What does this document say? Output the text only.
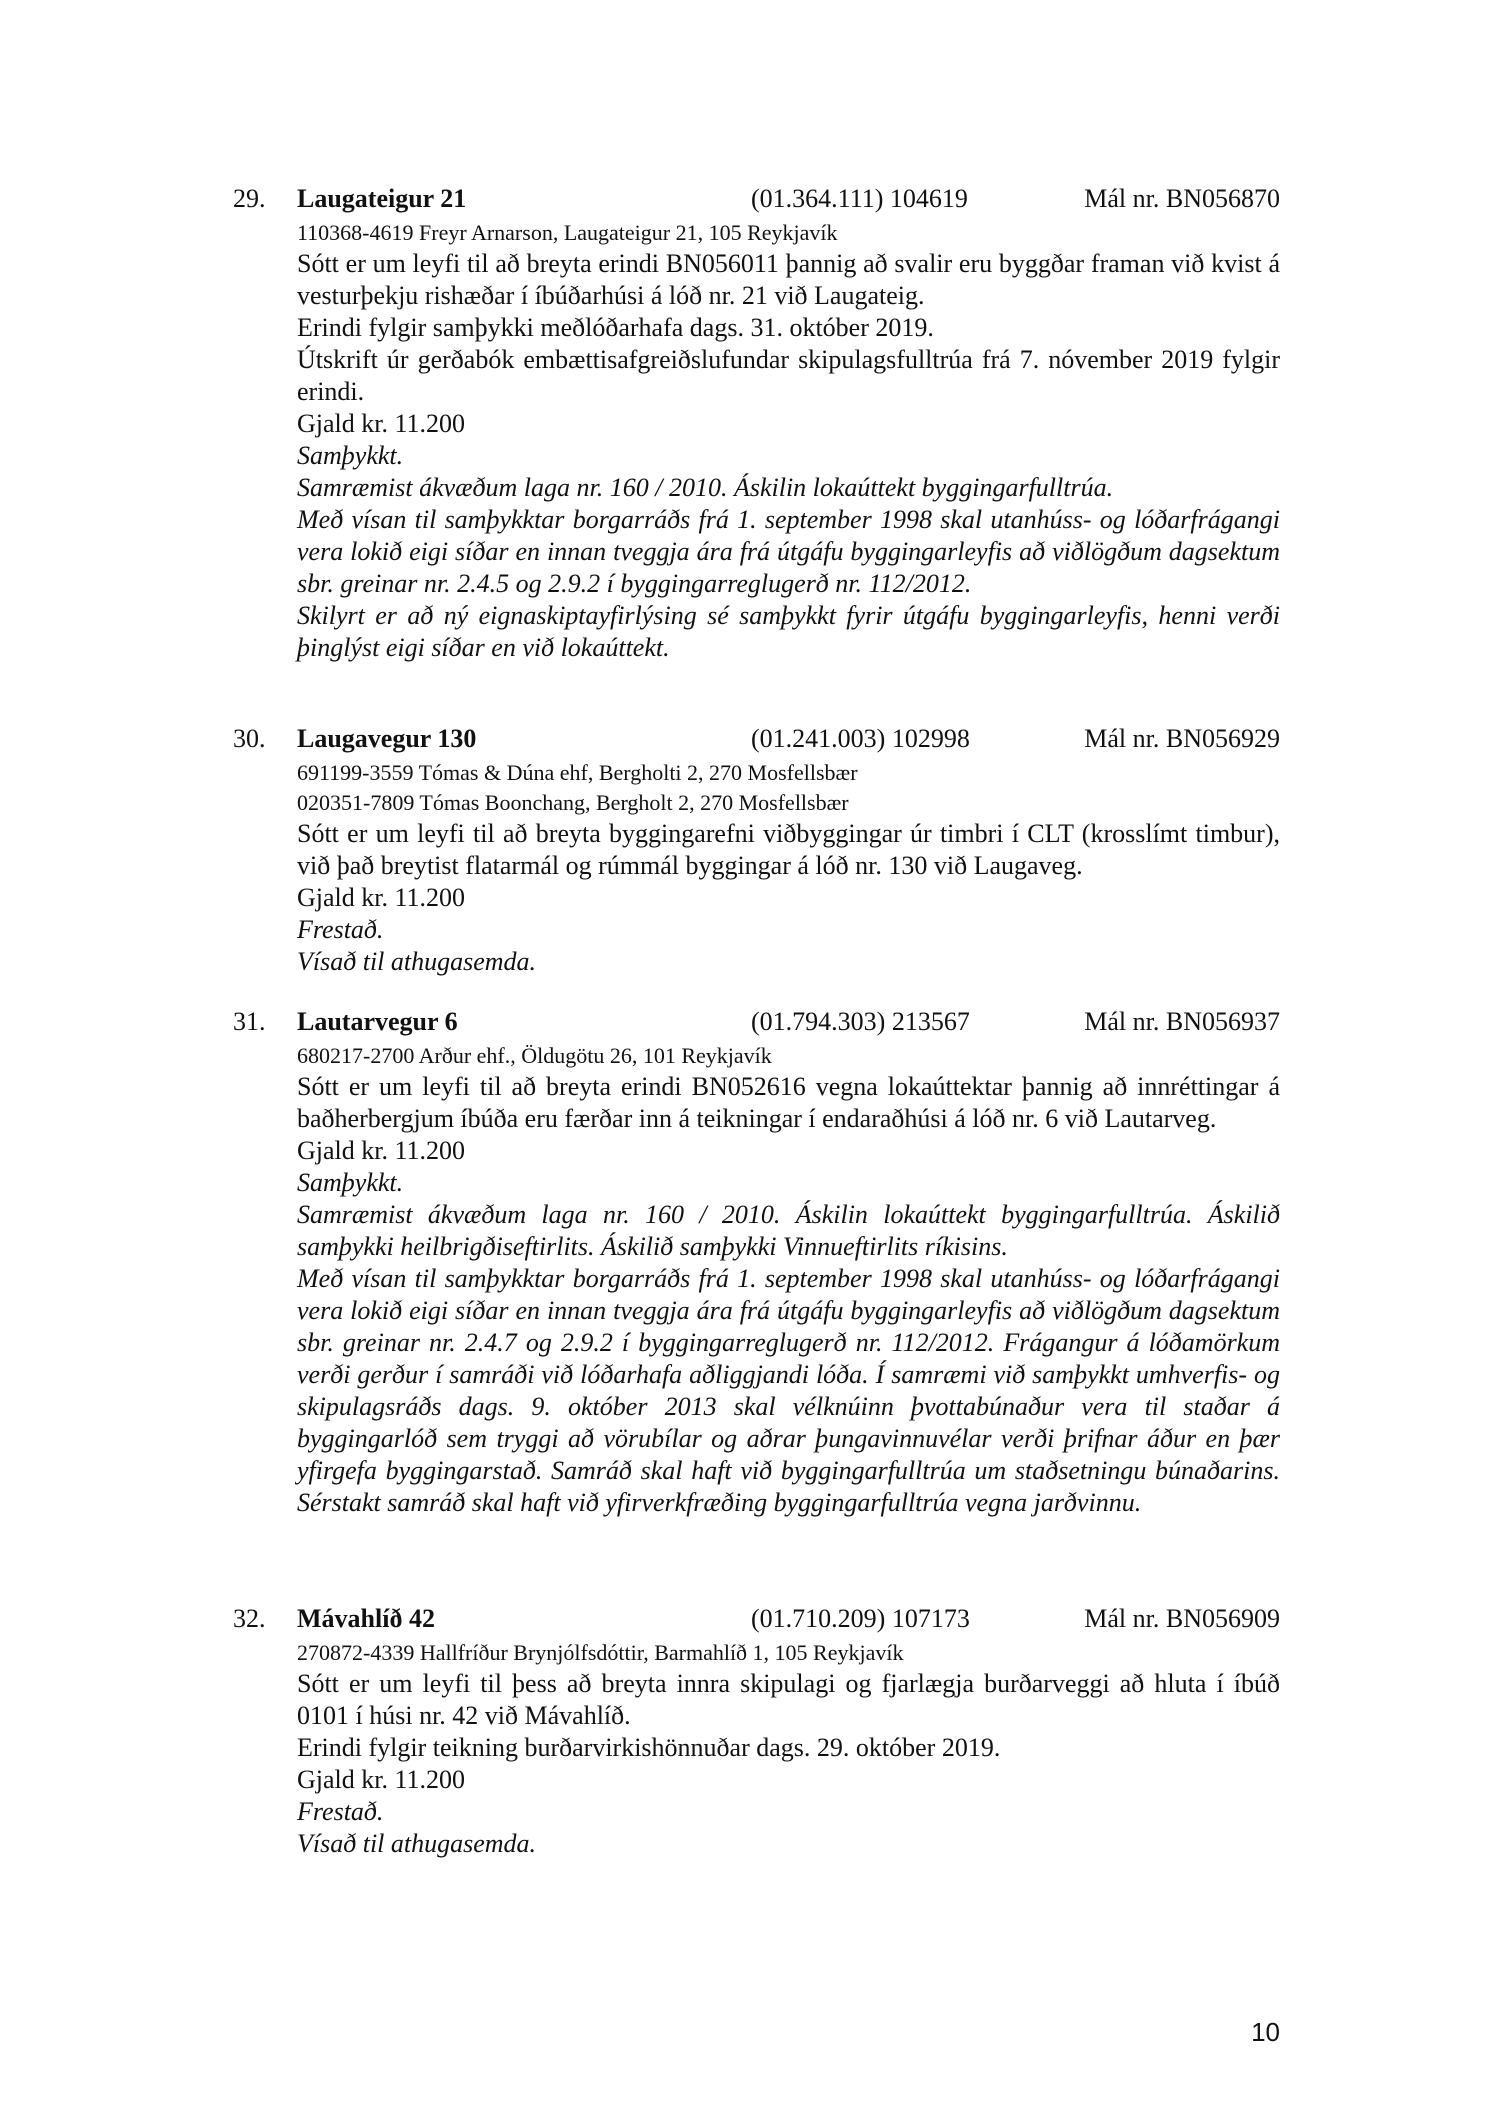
29. Laugateigur 21	(01.364.111) 104619	Mál nr. BN056870
110368-4619 Freyr Arnarson, Laugateigur 21, 105 Reykjavík
Sótt er um leyfi til að breyta erindi BN056011 þannig að svalir eru byggðar framan við kvist á vesturþekju rishæðar í íbúðarhúsi á lóð nr. 21 við Laugateig.
Erindi fylgir samþykki meðlóðarhafa dags. 31. október 2019.
Útskrift úr gerðabók embættisafgreiðslufundar skipulagsfulltrúa frá 7. nóvember 2019 fylgir erindi.
Gjald kr. 11.200
Samþykkt.
Samræmist ákvæðum laga nr. 160 / 2010. Áskilin lokaúttekt byggingarfulltrúa.
Með vísan til samþykktar borgarráðs frá 1. september 1998 skal utanhúss- og lóðarfrágangi vera lokið eigi síðar en innan tveggja ára frá útgáfu byggingarleyfis að viðlögðum dagsektum sbr. greinar nr. 2.4.5 og 2.9.2 í byggingarreglugerð nr. 112/2012.
Skilyrt er að ný eignaskiptayfirlýsing sé samþykkt fyrir útgáfu byggingarleyfis, henni verði þinglýst eigi síðar en við lokaúttekt.
30. Laugavegur 130	(01.241.003) 102998	Mál nr. BN056929
691199-3559 Tómas & Dúna ehf, Bergholti 2, 270 Mosfellsbær
020351-7809 Tómas Boonchang, Bergholt 2, 270 Mosfellsbær
Sótt er um leyfi til að breyta byggingarefni viðbyggingar úr timbri í CLT (krosslímt timbur), við það breytist flatarmál og rúmmál byggingar á lóð nr. 130 við Laugaveg.
Gjald kr. 11.200
Frestað.
Vísað til athugasemda.
31. Lautarvegur 6	(01.794.303) 213567	Mál nr. BN056937
680217-2700 Arður ehf., Öldugötu 26, 101 Reykjavík
Sótt er um leyfi til að breyta erindi BN052616 vegna lokaúttektar þannig að innréttingar á baðherbergjum íbúða eru færðar inn á teikningar í endaraðhúsi á lóð nr. 6 við Lautarveg.
Gjald kr. 11.200
Samþykkt.
Samræmist ákvæðum laga nr. 160 / 2010. Áskilin lokaúttekt byggingarfulltrúa. Áskilið samþykki heilbrigðiseftirlits. Áskilið samþykki Vinnueftirlits ríkisins.
Með vísan til samþykktar borgarráðs frá 1. september 1998 skal utanhúss- og lóðarfrágangi vera lokið eigi síðar en innan tveggja ára frá útgáfu byggingarleyfis að viðlögðum dagsektum sbr. greinar nr. 2.4.7 og 2.9.2 í byggingarreglugerð nr. 112/2012. Frágangur á lóðamörkum verði gerður í samráði við lóðarhafa aðliggjandi lóða. Í samræmi við samþykkt umhverfis- og skipulagsráðs dags. 9. október 2013 skal vélknúinn þvottabúnaður vera til staðar á byggingarlóð sem tryggi að vörubílar og aðrar þungavinnuvélar verði þrifnar áður en þær yfirgefa byggingarstað. Samráð skal haft við byggingarfulltrúa um staðsetningu búnaðarins. Sérstakt samráð skal haft við yfirverkfræðing byggingarfulltrúa vegna jarðvinnu.
32. Mávahlíð 42	(01.710.209) 107173	Mál nr. BN056909
270872-4339 Hallfríður Brynjólfsdóttir, Barmahlíð 1, 105 Reykjavík
Sótt er um leyfi til þess að breyta innra skipulagi og fjarlægja burðarveggi að hluta í íbúð 0101 í húsi nr. 42 við Mávahlíð.
Erindi fylgir teikning burðarvirkishönnuðar dags. 29. október 2019.
Gjald kr. 11.200
Frestað.
Vísað til athugasemda.
10
